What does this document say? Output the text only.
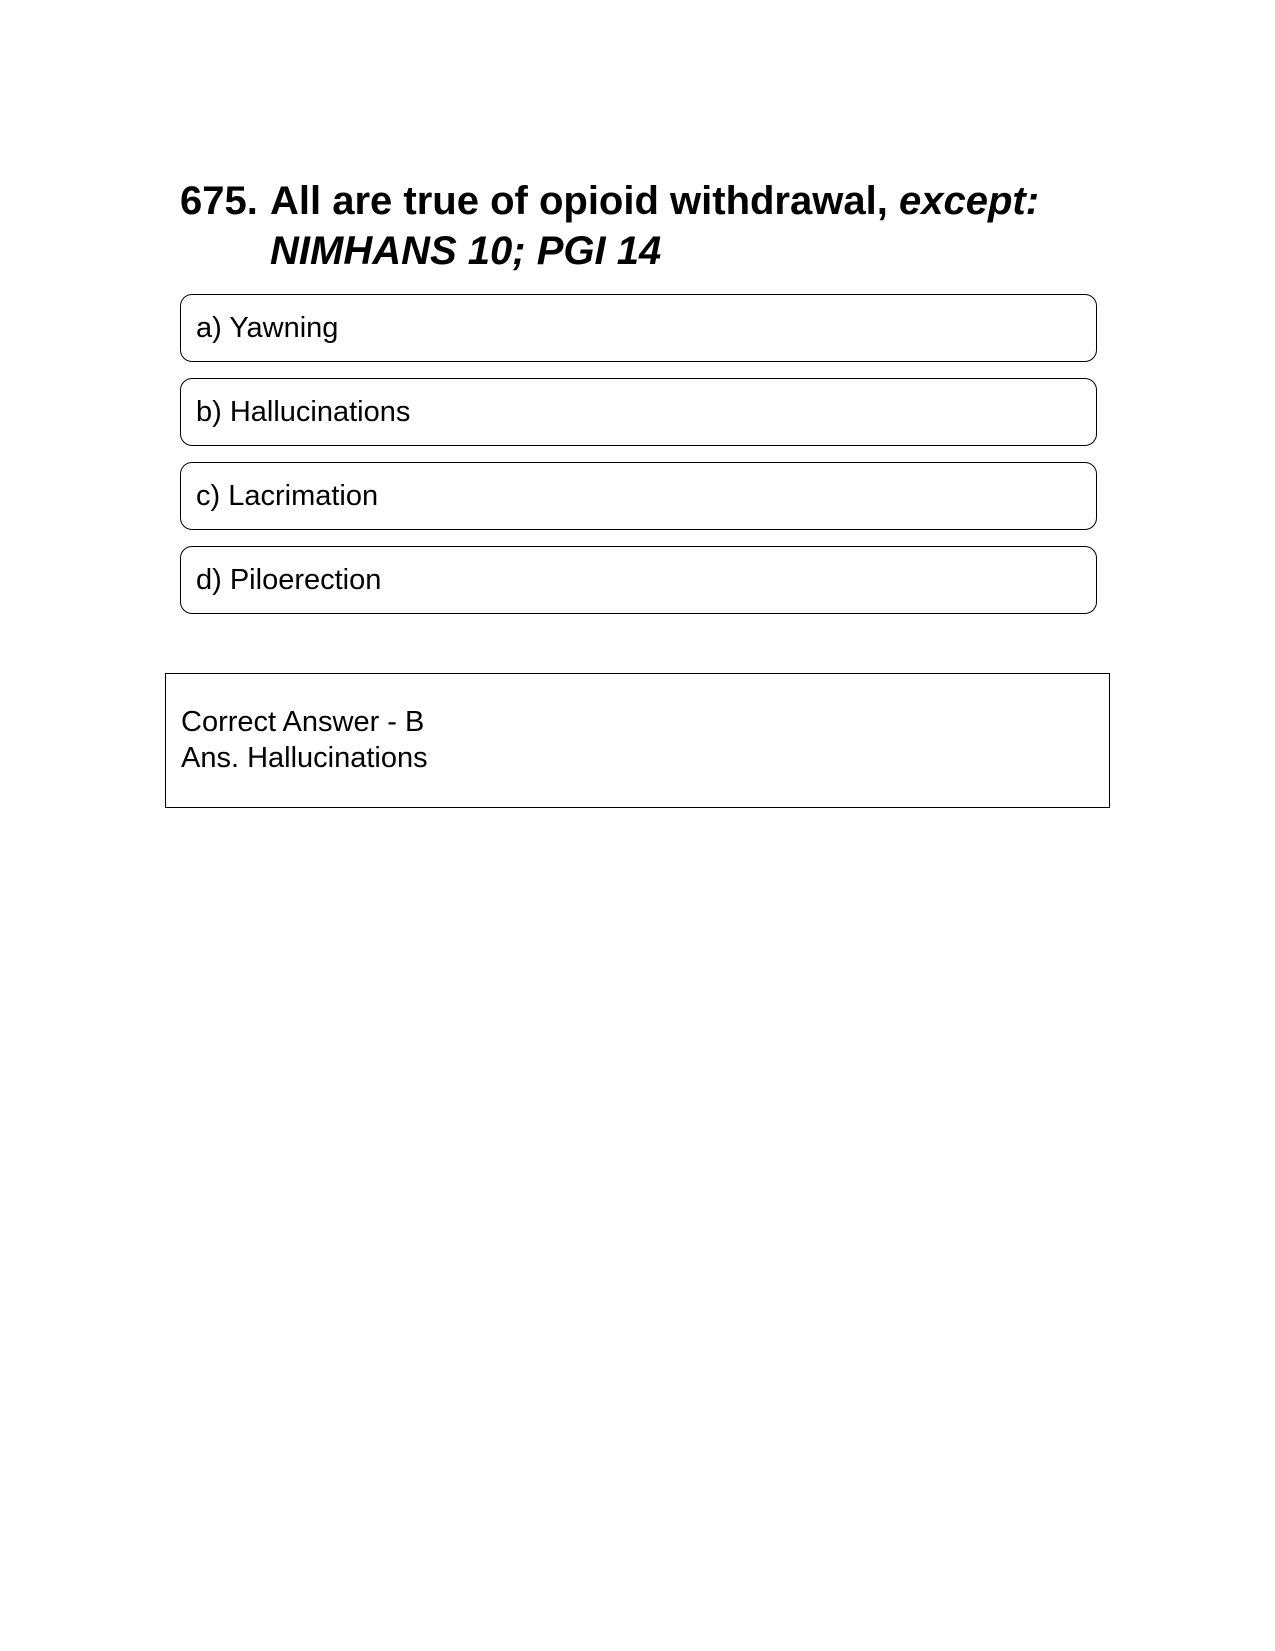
675. All are true of opioid withdrawal, except:
NIMHANS 10; PGI 14
a) Yawning
b) Hallucinations
c) Lacrimation
d) Piloerection
Correct Answer - B
Ans. Hallucinations
